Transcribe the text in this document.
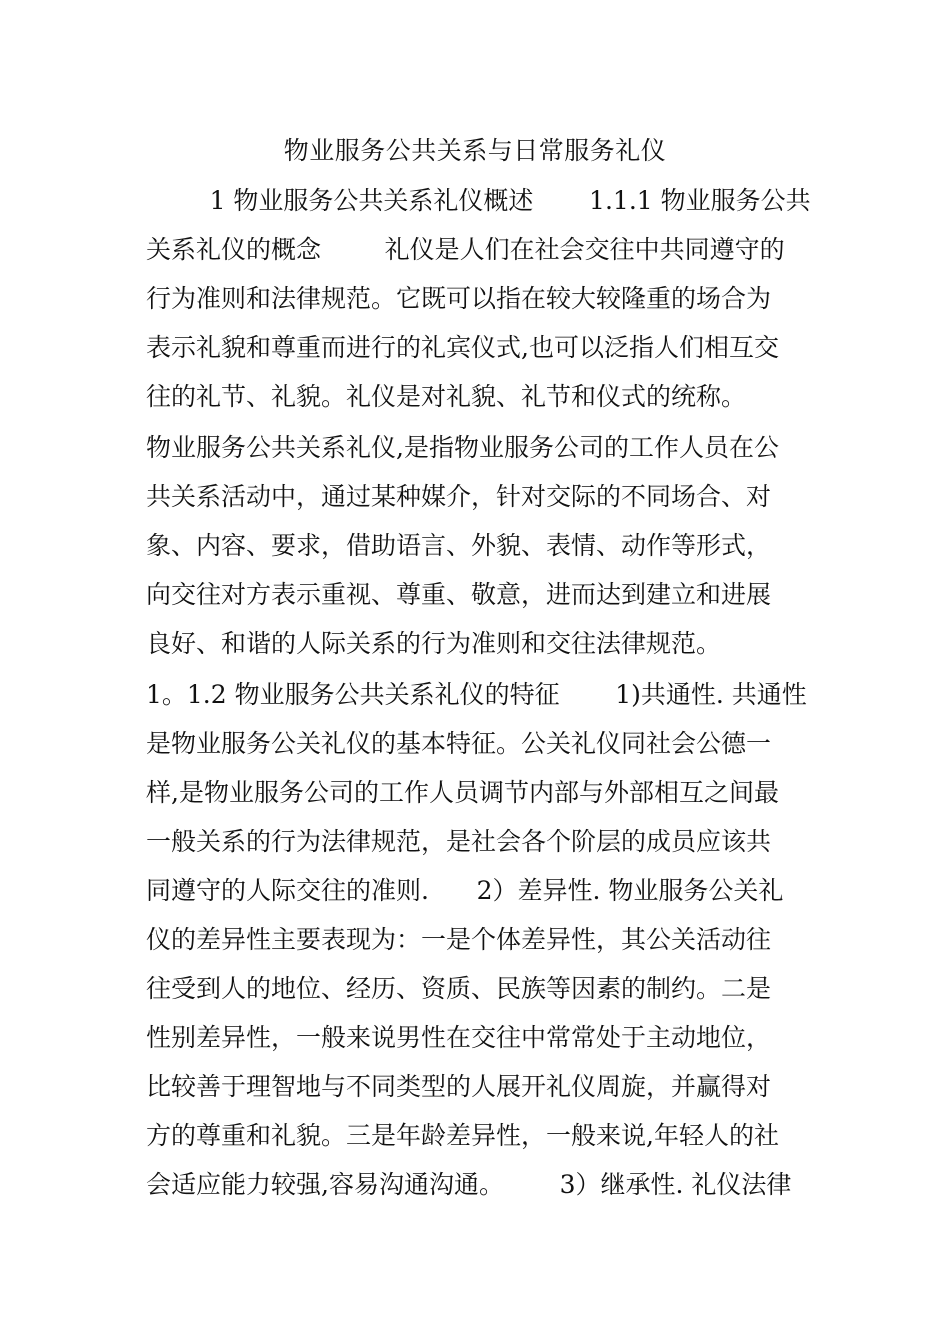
物业服务公共关系与日常服务礼仪
1 物业服务公共关系礼仪概述       1.1.1 物业服务公共
关系礼仪的概念        礼仪是人们在社会交往中共同遵守的
行为准则和法律规范。它既可以指在较大较隆重的场合为
表示礼貌和尊重而进行的礼宾仪式,也可以泛指人们相互交
往的礼节、礼貌。礼仪是对礼貌、礼节和仪式的统称。
物业服务公共关系礼仪,是指物业服务公司的工作人员在公
共关系活动中，通过某种媒介，针对交际的不同场合、对
象、内容、要求，借助语言、外貌、表情、动作等形式，
向交往对方表示重视、尊重、敬意，进而达到建立和进展
良好、和谐的人际关系的行为准则和交往法律规范。
1。1.2 物业服务公共关系礼仪的特征       1)共通性. 共通性
是物业服务公关礼仪的基本特征。公关礼仪同社会公德一
样,是物业服务公司的工作人员调节内部与外部相互之间最
一般关系的行为法律规范，是社会各个阶层的成员应该共
同遵守的人际交往的准则.      2）差异性. 物业服务公关礼
仪的差异性主要表现为：一是个体差异性，其公关活动往
往受到人的地位、经历、资质、民族等因素的制约。二是
性别差异性，一般来说男性在交往中常常处于主动地位，
比较善于理智地与不同类型的人展开礼仪周旋，并赢得对
方的尊重和礼貌。三是年龄差异性，一般来说,年轻人的社
会适应能力较强,容易沟通沟通。       3）继承性. 礼仪法律
